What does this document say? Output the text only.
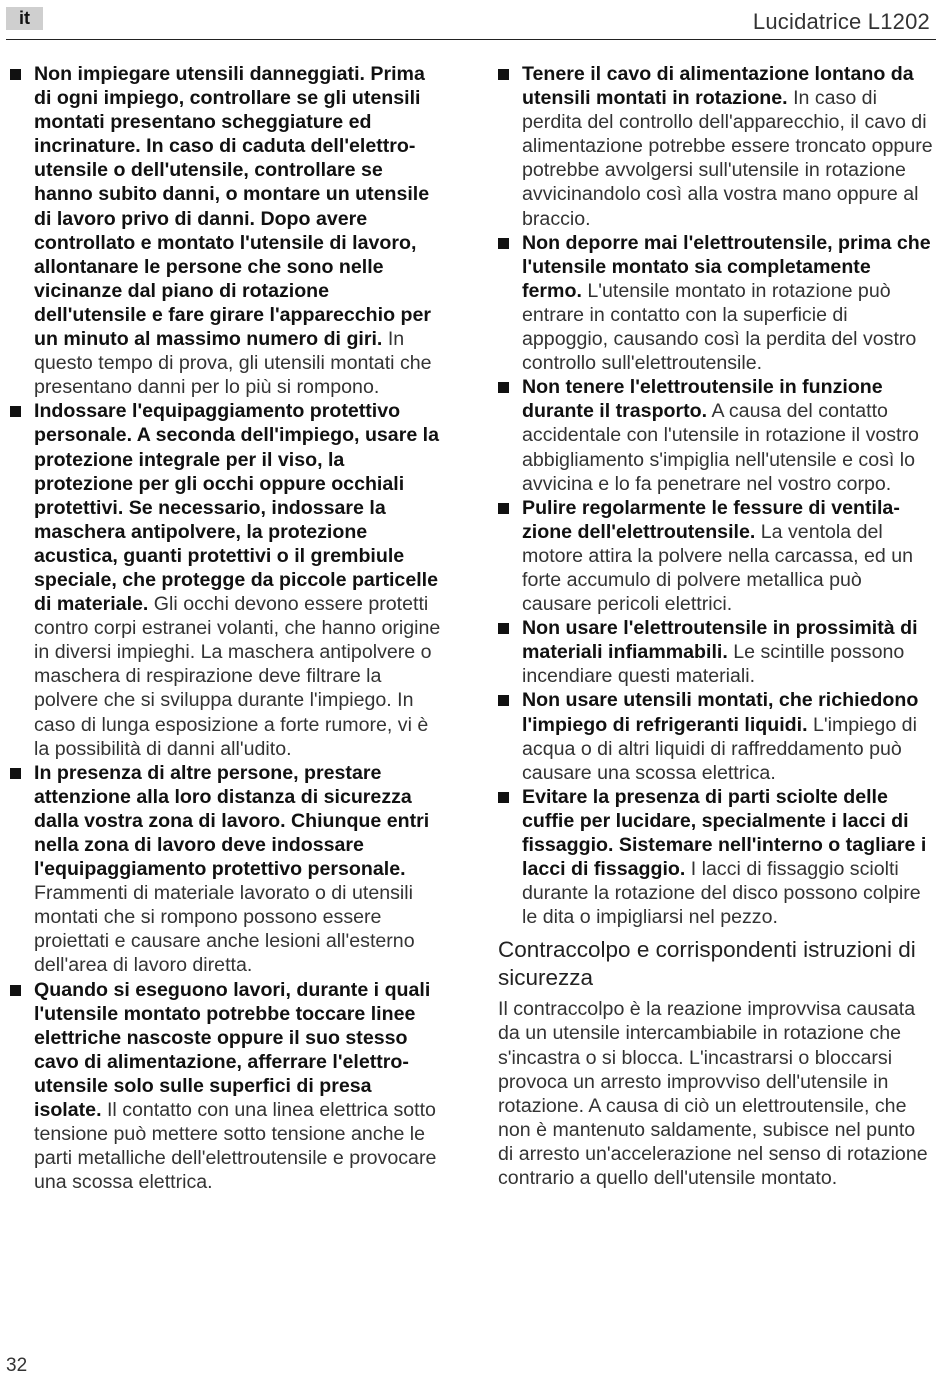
it	Lucidatrice L1202
Non impiegare utensili danneggiati. Prima di ogni impiego, controllare se gli utensili montati presentano scheggiature ed incrinature. In caso di caduta dell'elettroutensile o dell'utensile, controllare se hanno subito danni, o montare un utensile di lavoro privo di danni. Dopo avere controllato e montato l'utensile di lavoro, allontanare le persone che sono nelle vicinanze dal piano di rotazione dell'utensile e fare girare l'apparecchio per un minuto al massimo numero di giri. In questo tempo di prova, gli utensili montati che presentano danni per lo più si rompono.
Indossare l'equipaggiamento protettivo personale. A seconda dell'impiego, usare la protezione integrale per il viso, la protezione per gli occhi oppure occhiali protettivi. Se necessario, indossare la maschera antipolvere, la protezione acustica, guanti protettivi o il grembiule speciale, che protegge da piccole particelle di materiale. Gli occhi devono essere protetti contro corpi estranei volanti, che hanno origine in diversi impieghi. La maschera antipolvere o maschera di respirazione deve filtrare la polvere che si sviluppa durante l'impiego. In caso di lunga esposizione a forte rumore, vi è la possibilità di danni all'udito.
In presenza di altre persone, prestare attenzione alla loro distanza di sicurezza dalla vostra zona di lavoro. Chiunque entri nella zona di lavoro deve indossare l'equipaggiamento protettivo personale. Frammenti di materiale lavorato o di utensili montati che si rompono possono essere proiettati e causare anche lesioni all'esterno dell'area di lavoro diretta.
Quando si eseguono lavori, durante i quali l'utensile montato potrebbe toccare linee elettriche nascoste oppure il suo stesso cavo di alimentazione, afferrare l'elettroutensile solo sulle superfici di presa isolate. Il contatto con una linea elettrica sotto tensione può mettere sotto tensione anche le parti metalliche dell'elettroutensile e provocare una scossa elettrica.
Tenere il cavo di alimentazione lontano da utensili montati in rotazione. In caso di perdita del controllo dell'apparecchio, il cavo di alimentazione potrebbe essere troncato oppure potrebbe avvolgersi sull'utensile in rotazione avvicinandolo così alla vostra mano oppure al braccio.
Non deporre mai l'elettroutensile, prima che l'utensile montato sia completamente fermo. L'utensile montato in rotazione può entrare in contatto con la superficie di appoggio, causando così la perdita del vostro controllo sull'elettroutensile.
Non tenere l'elettroutensile in funzione durante il trasporto. A causa del contatto accidentale con l'utensile in rotazione il vostro abbigliamento s'impiglia nell'utensile e così lo avvicina e lo fa penetrare nel vostro corpo.
Pulire regolarmente le fessure di ventilazione dell'elettroutensile. La ventola del motore attira la polvere nella carcassa, ed un forte accumulo di polvere metallica può causare pericoli elettrici.
Non usare l'elettroutensile in prossimità di materiali infiammabili. Le scintille possono incendiare questi materiali.
Non usare utensili montati, che richiedono l'impiego di refrigeranti liquidi. L'impiego di acqua o di altri liquidi di raffreddamento può causare una scossa elettrica.
Evitare la presenza di parti sciolte delle cuffie per lucidare, specialmente i lacci di fissaggio. Sistemare nell'interno o tagliare i lacci di fissaggio. I lacci di fissaggio sciolti durante la rotazione del disco possono colpire le dita o impigliarsi nel pezzo.
Contraccolpo e corrispondenti istruzioni di sicurezza
Il contraccolpo è la reazione improvvisa causata da un utensile intercambiabile in rotazione che s'incastra o si blocca. L'incastrarsi o bloccarsi provoca un arresto improvviso dell'utensile in rotazione. A causa di ciò un elettroutensile, che non è mantenuto saldamente, subisce nel punto di arresto un'accelerazione nel senso di rotazione contrario a quello dell'utensile montato.
32
